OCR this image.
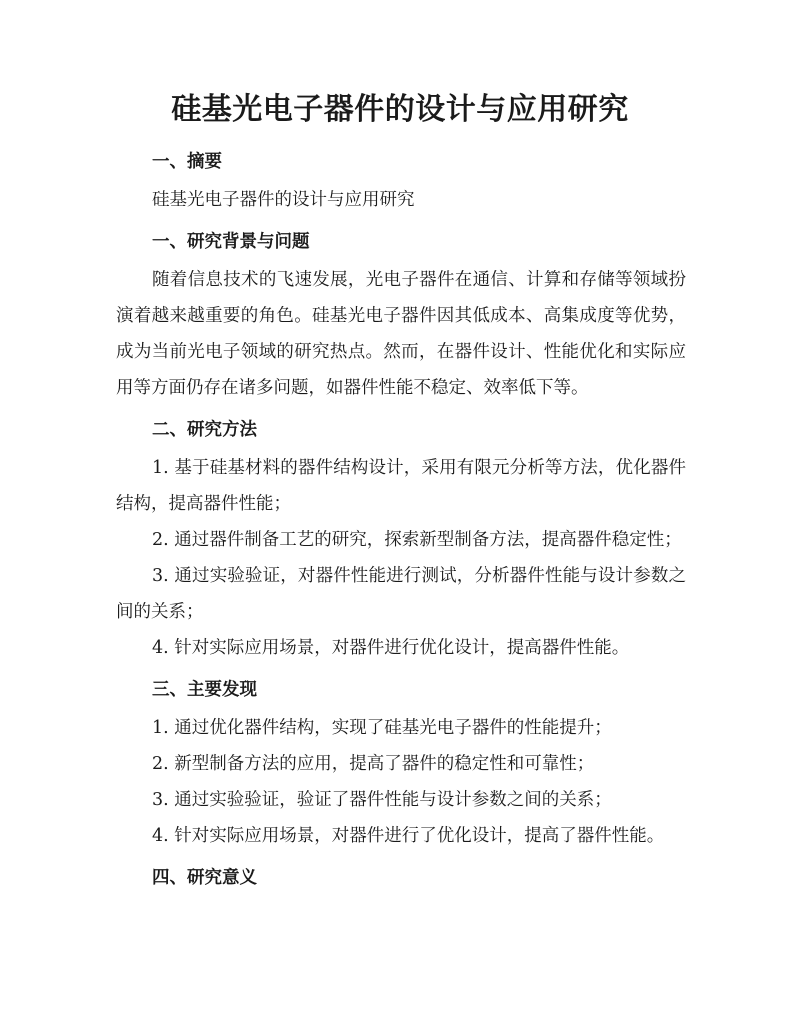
硅基光电子器件的设计与应用研究

一、摘要

硅基光电子器件的设计与应用研究

一、研究背景与问题

随着信息技术的飞速发展，光电子器件在通信、计算和存储等领域扮演着越来越重要的角色。硅基光电子器件因其低成本、高集成度等优势，成为当前光电子领域的研究热点。然而，在器件设计、性能优化和实际应用等方面仍存在诸多问题，如器件性能不稳定、效率低下等。

二、研究方法

1. 基于硅基材料的器件结构设计，采用有限元分析等方法，优化器件结构，提高器件性能；

2. 通过器件制备工艺的研究，探索新型制备方法，提高器件稳定性；

3. 通过实验验证，对器件性能进行测试，分析器件性能与设计参数之间的关系；

4. 针对实际应用场景，对器件进行优化设计，提高器件性能。

三、主要发现

1. 通过优化器件结构，实现了硅基光电子器件的性能提升；

2. 新型制备方法的应用，提高了器件的稳定性和可靠性；

3. 通过实验验证，验证了器件性能与设计参数之间的关系；

4. 针对实际应用场景，对器件进行了优化设计，提高了器件性能。

四、研究意义
